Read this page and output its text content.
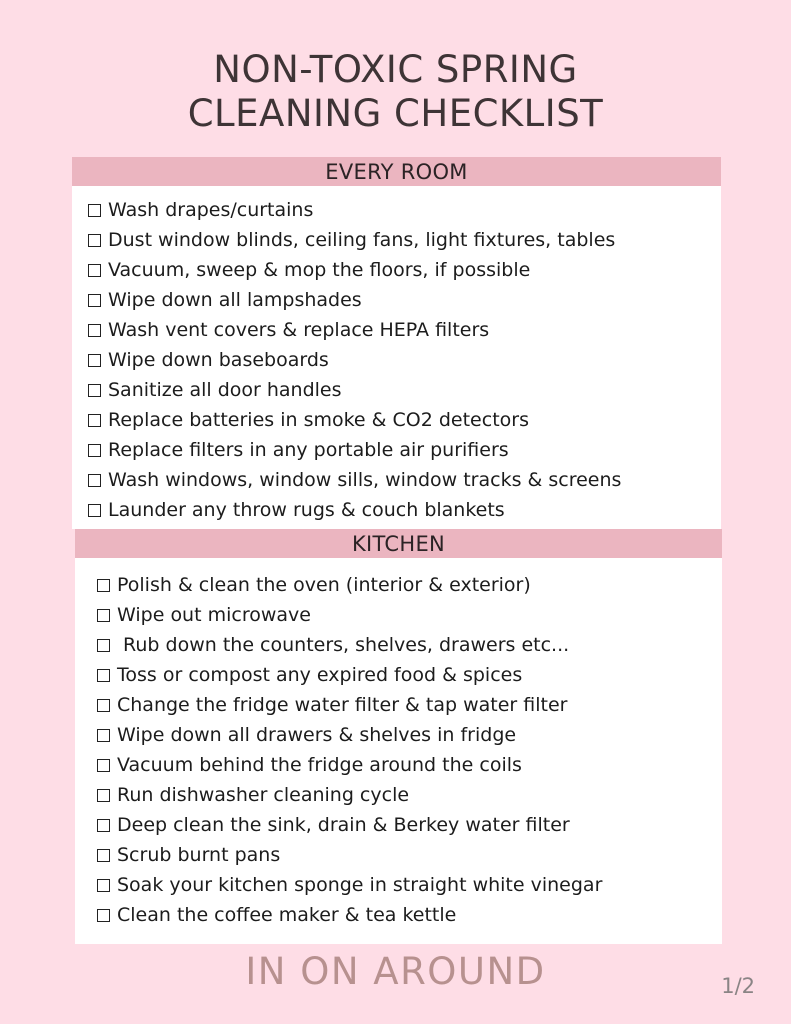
NON-TOXIC SPRING
CLEANING CHECKLIST
EVERY ROOM
Wash drapes/curtains
Dust window blinds, ceiling fans, light fixtures, tables
Vacuum, sweep & mop the floors, if possible
Wipe down all lampshades
Wash vent covers & replace HEPA filters
Wipe down baseboards
Sanitize all door handles
Replace batteries in smoke & CO2 detectors
Replace filters in any portable air purifiers
Wash windows, window sills, window tracks & screens
Launder any throw rugs & couch blankets
KITCHEN
Polish & clean the oven (interior & exterior)
Wipe out microwave
Rub down the counters, shelves, drawers etc...
Toss or compost any expired food & spices
Change the fridge water filter & tap water filter
Wipe down all drawers & shelves in fridge
Vacuum behind the fridge around the coils
Run dishwasher cleaning cycle
Deep clean the sink, drain & Berkey water filter
Scrub burnt pans
Soak your kitchen sponge in straight white vinegar
Clean the coffee maker & tea kettle
IN ON AROUND	1/2
